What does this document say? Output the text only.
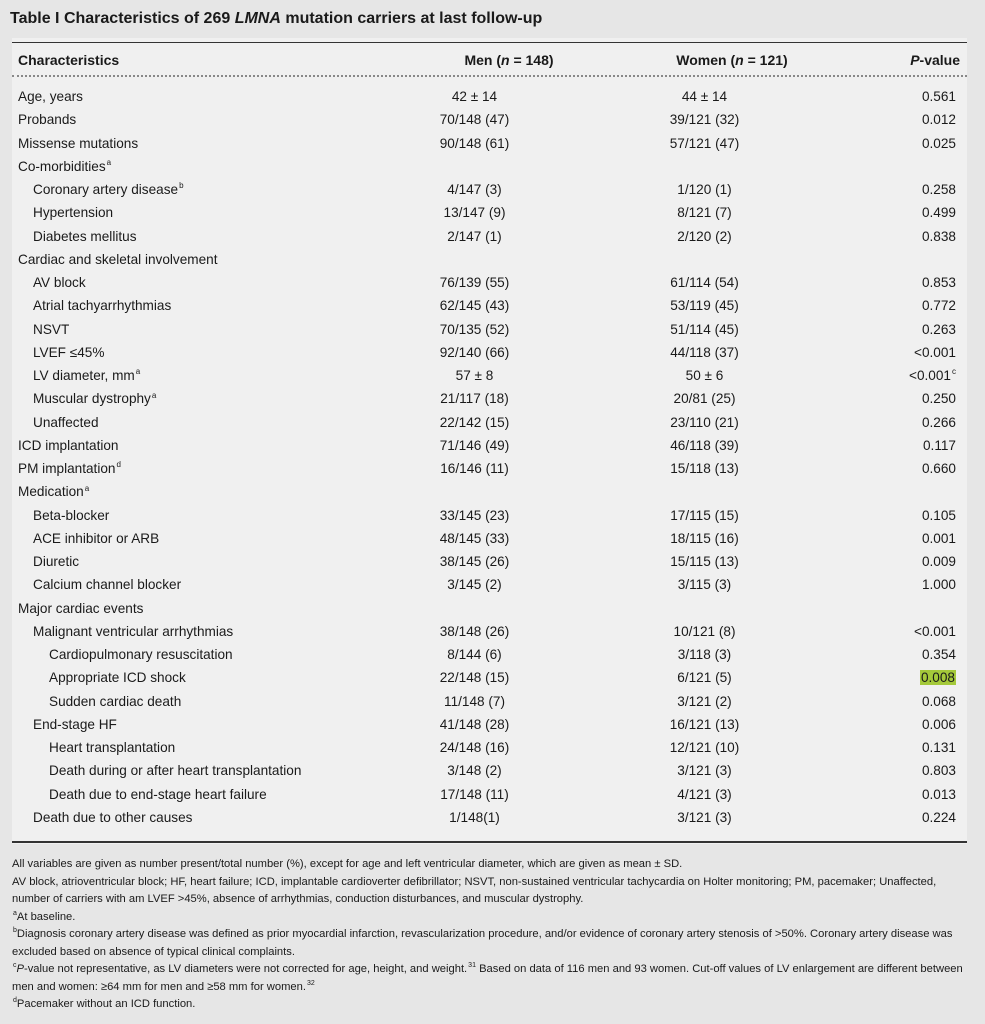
Table I Characteristics of 269 LMNA mutation carriers at last follow-up
Characteristics	Men (n = 148)	Women (n = 121)	P-value
Age, years	42 ± 14	44 ± 14	0.561
Probands	70/148 (47)	39/121 (32)	0.012
Missense mutations	90/148 (61)	57/121 (47)	0.025
Co-morbidities$^a$
Coronary artery disease$^b$	4/147 (3)	1/120 (1)	0.258
Hypertension	13/147 (9)	8/121 (7)	0.499
Diabetes mellitus	2/147 (1)	2/120 (2)	0.838
Cardiac and skeletal involvement
AV block	76/139 (55)	61/114 (54)	0.853
Atrial tachyarrhythmias	62/145 (43)	53/119 (45)	0.772
NSVT	70/135 (52)	51/114 (45)	0.263
LVEF ≤45%	92/140 (66)	44/118 (37)	<0.001
LV diameter, $mm^a$	57 ± 8	50 ± 6	<0.001$^c$
Muscular dystrophy$^a$	21/117 (18)	20/81 (25)	0.250
Unaffected	22/142 (15)	23/110 (21)	0.266
ICD implantation	71/146 (49)	46/118 (39)	0.117
PM implantation$^d$	16/146 (11)	15/118 (13)	0.660
Medication$^a$
Beta-blocker	33/145 (23)	17/115 (15)	0.105
ACE inhibitor or ARB	48/145 (33)	18/115 (16)	0.001
Diuretic	38/145 (26)	15/115 (13)	0.009
Calcium channel blocker	3/145 (2)	3/115 (3)	1.000
Major cardiac events
Malignant ventricular arrhythmias	38/148 (26)	10/121 (8)	<0.001
Cardiopulmonary resuscitation	8/144 (6)	3/118 (3)	0.354
Appropriate ICD shock	22/148 (15)	6/121 (5)	0.008
Sudden cardiac death	11/148 (7)	3/121 (2)	0.068
End-stage HF	41/148 (28)	16/121 (13)	0.006
Heart transplantation	24/148 (16)	12/121 (10)	0.131
Death during or after heart transplantation	3/148 (2)	3/121 (3)	0.803
Death due to end-stage heart failure	17/148 (11)	4/121 (3)	0.013
Death due to other causes	1/148(1)	3/121 (3)	0.224
All variables are given as number present/total number (%), except for age and left ventricular diameter, which are given as mean ± SD.
AV block, atrioventricular block; HF, heart failure; ICD, implantable cardioverter defibrillator; NSVT, non-sustained ventricular tachycardia on Holter monitoring; PM, pacemaker; Unaffected, number of carriers with am LVEF >45%, absence of arrhythmias, conduction disturbances, and muscular dystrophy.
$^a$At baseline.
$^b$Diagnosis coronary artery disease was defined as prior myocardial infarction, revascularization procedure, and/or evidence of coronary artery stenosis of >50%. Coronary artery disease was excluded based on absence of typical clinical complaints.
$^c$P-value not representative, as LV diameters were not corrected for age, height, and weight.$^{31}$ Based on data of 116 men and 93 women. Cut-off values of LV enlargement are different between men and women: ≥64 mm for men and ≥58 mm for women.$^{32}$
$^d$Pacemaker without an ICD function.
